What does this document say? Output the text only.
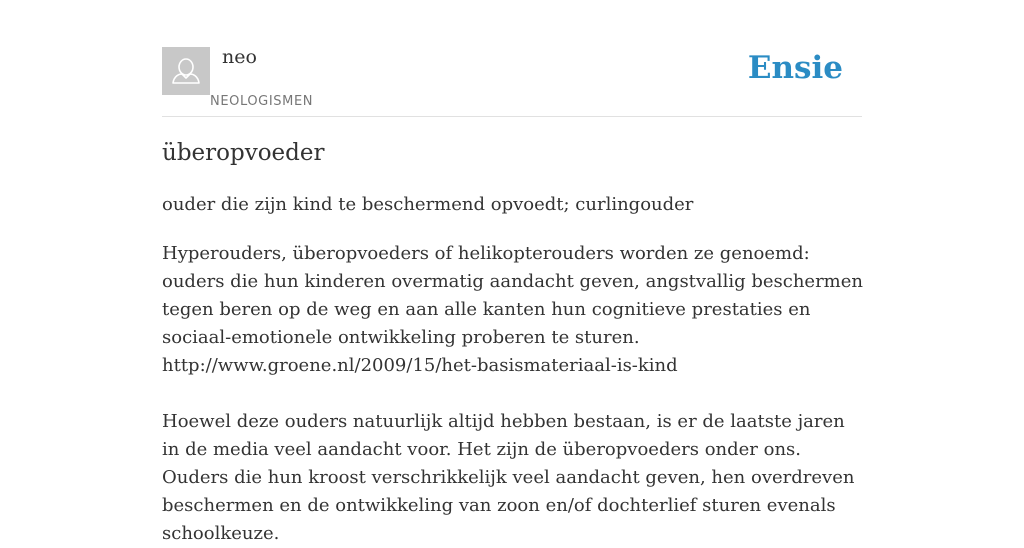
neo
NEOLOGISMEN
Ensie
überopvoeder

ouder die zijn kind te beschermend opvoedt; curlingouder

Hyperouders, überopvoeders of helikopterouders worden ze genoemd: ouders die hun kinderen overmatig aandacht geven, angstvallig beschermen tegen beren op de weg en aan alle kanten hun cognitieve prestaties en sociaal-emotionele ontwikkeling proberen te sturen.

http://www.groene.nl/2009/15/het-basismateriaal-is-kind

Hoewel deze ouders natuurlijk altijd hebben bestaan, is er de laatste jaren in de media veel aandacht voor. Het zijn de überopvoeders onder ons. Ouders die hun kroost verschrikkelijk veel aandacht geven, hen overdreven beschermen en de ontwikkeling van zoon en/of dochterlief sturen evenals schoolkeuze.
